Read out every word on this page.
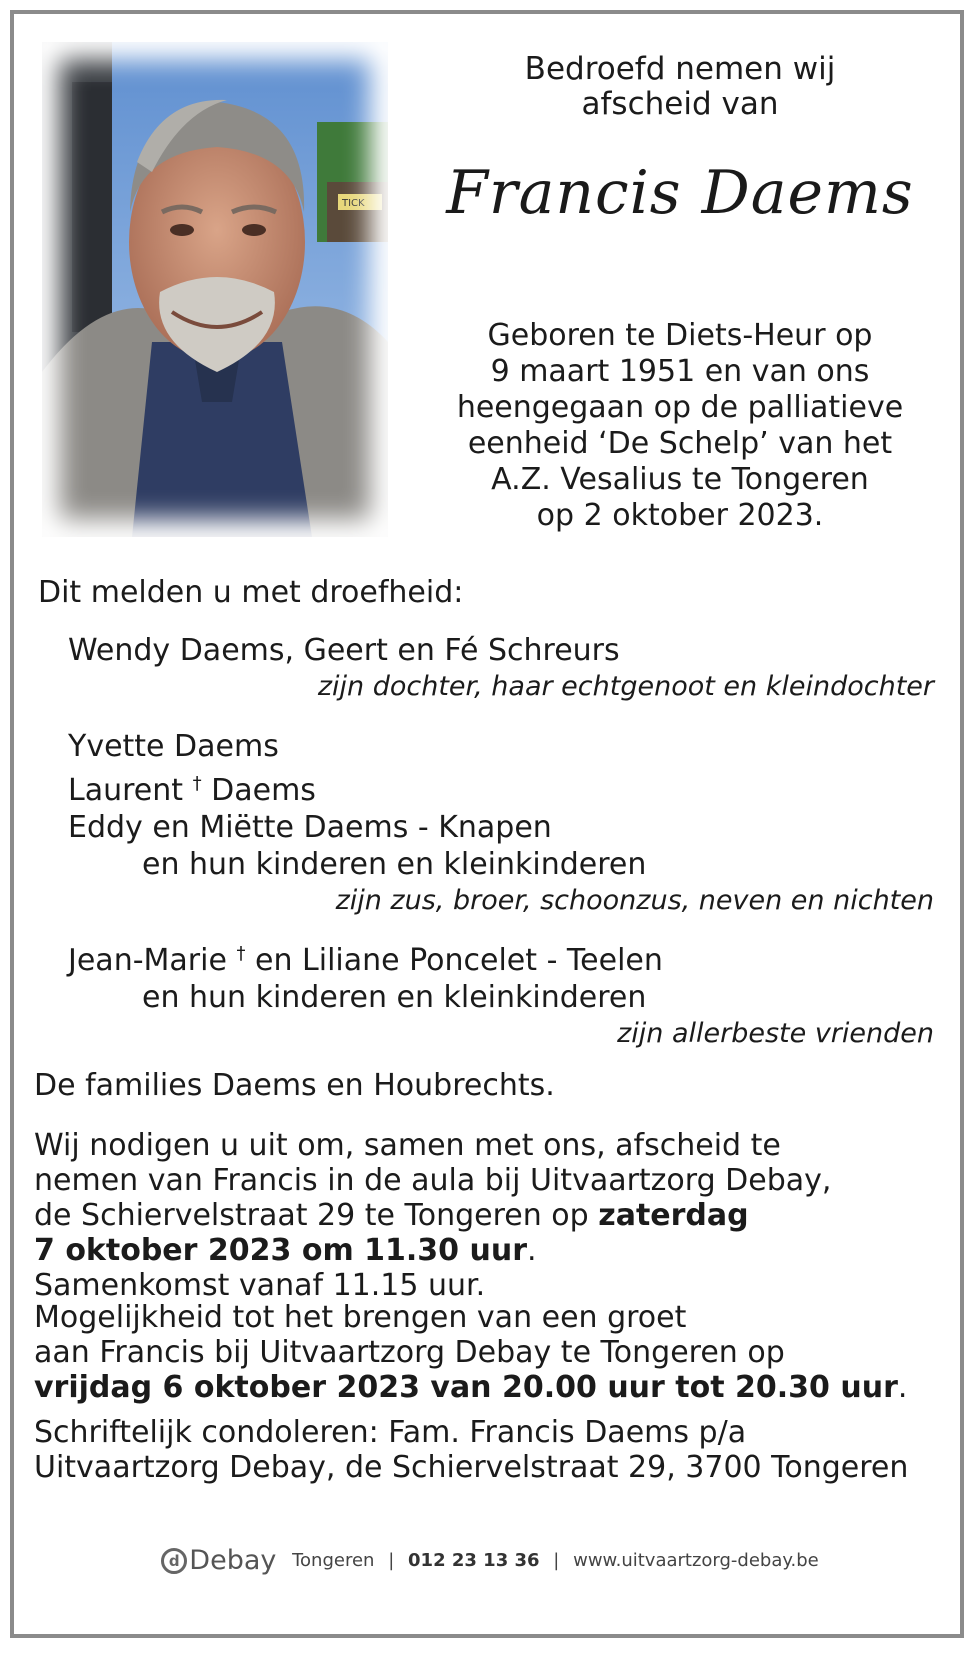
TICK

Bedroefd nemen wij

afscheid van

Francis Daems

Geboren te Diets-Heur op

9 maart 1951 en van ons

heengegaan op de palliatieve

eenheid ‘De Schelp’ van het

A.Z. Vesalius te Tongeren

op 2 oktober 2023.

Dit melden u met droefheid:

Wendy Daems, Geert en Fé Schreurs

zijn dochter, haar echtgenoot en kleindochter

Yvette Daems

Laurent † Daems

Eddy en Miëtte Daems - Knapen

en hun kinderen en kleinkinderen

zijn zus, broer, schoonzus, neven en nichten

Jean-Marie † en Liliane Poncelet - Teelen

en hun kinderen en kleinkinderen

zijn allerbeste vrienden

De families Daems en Houbrechts.

Wij nodigen u uit om, samen met ons, afscheid te

nemen van Francis in de aula bij Uitvaartzorg Debay,

de Schiervelstraat 29 te Tongeren op zaterdag

7 oktober 2023 om 11.30 uur.

Samenkomst vanaf 11.15 uur.

Mogelijkheid tot het brengen van een groet

aan Francis bij Uitvaartzorg Debay te Tongeren op

vrijdag 6 oktober 2023 van 20.00 uur tot 20.30 uur.

Schriftelijk condoleren: Fam. Francis Daems p/a

Uitvaartzorg Debay, de Schiervelstraat 29, 3700 Tongeren

d Debay Tongeren | 012 23 13 36 | www.uitvaartzorg-debay.be
